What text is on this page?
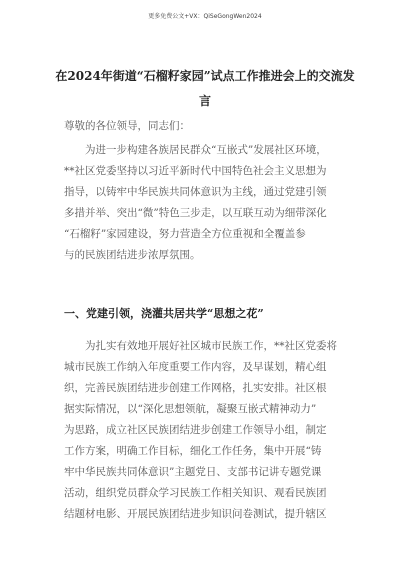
更多免费公文+VX：QiSeGongWen2024
在2024年街道“石榴籽家园”试点工作推进会上的交流发
言
尊敬的各位领导，同志们：
为进一步构建各族居民群众“互嵌式”发展社区环境，
**社区党委坚持以习近平新时代中国特色社会主义思想为
指导，以铸牢中华民族共同体意识为主线，通过党建引领
多措并举、突出“微”特色三步走，以互联互动为细带深化
“石榴籽”家园建设，努力营造全方位重视和全覆盖参
与的民族团结进步浓厚氛围。
一、党建引领，浇灌共居共学“思想之花”
为扎实有效地开展好社区城市民族工作，**社区党委将
城市民族工作纳入年度重要工作内容，及早谋划，精心组
织，完善民族团结进步创建工作网格，扎实安排。社区根
据实际情况，以“深化思想领航，凝聚互嵌式精神动力”
为思路，成立社区民族团结进步创建工作领导小组，制定
工作方案，明确工作目标，细化工作任务，集中开展“铸
牢中华民族共同体意识”主题党日、支部书记讲专题党课
活动，组织党员群众学习民族工作相关知识、观看民族团
结题材电影、开展民族团结进步知识问卷测试，提升辖区
